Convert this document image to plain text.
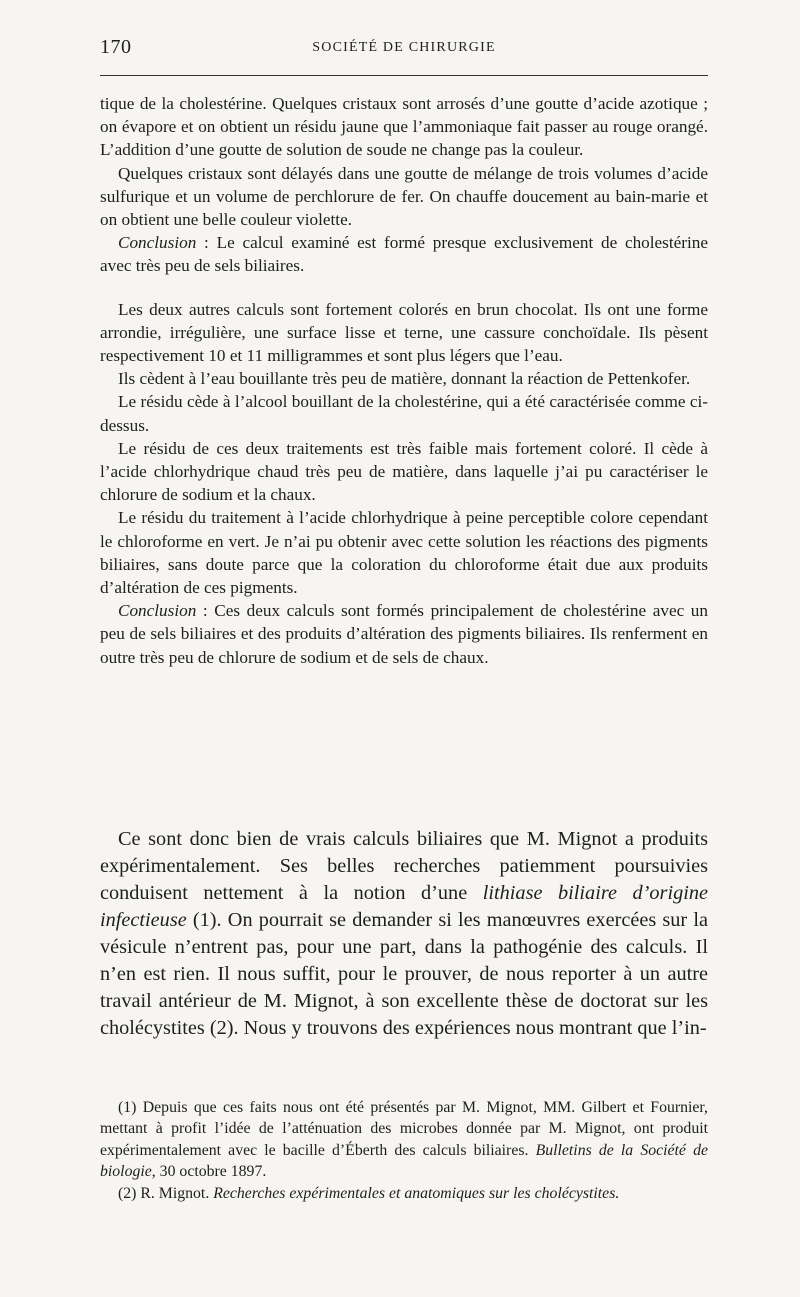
170	SOCIÉTÉ DE CHIRURGIE

tique de la cholestérine. Quelques cristaux sont arrosés d’une goutte d’acide azotique ; on évapore et on obtient un résidu jaune que l’ammoniaque fait passer au rouge orangé. L’addition d’une goutte de solution de soude ne change pas la couleur.

Quelques cristaux sont délayés dans une goutte de mélange de trois volumes d’acide sulfurique et un volume de perchlorure de fer. On chauffe doucement au bain-marie et on obtient une belle couleur violette.

Conclusion : Le calcul examiné est formé presque exclusivement de cholestérine avec très peu de sels biliaires.

Les deux autres calculs sont fortement colorés en brun chocolat. Ils ont une forme arrondie, irrégulière, une surface lisse et terne, une cassure conchoïdale. Ils pèsent respectivement 10 et 11 milligrammes et sont plus légers que l’eau.

Ils cèdent à l’eau bouillante très peu de matière, donnant la réaction de Pettenkofer.

Le résidu cède à l’alcool bouillant de la cholestérine, qui a été caractérisée comme ci-dessus.

Le résidu de ces deux traitements est très faible mais fortement coloré. Il cède à l’acide chlorhydrique chaud très peu de matière, dans laquelle j’ai pu caractériser le chlorure de sodium et la chaux.

Le résidu du traitement à l’acide chlorhydrique à peine perceptible colore cependant le chloroforme en vert. Je n’ai pu obtenir avec cette solution les réactions des pigments biliaires, sans doute parce que la coloration du chloroforme était due aux produits d’altération de ces pigments.

Conclusion : Ces deux calculs sont formés principalement de cholestérine avec un peu de sels biliaires et des produits d’altération des pigments biliaires. Ils renferment en outre très peu de chlorure de sodium et de sels de chaux.

Ce sont donc bien de vrais calculs biliaires que M. Mignot a produits expérimentalement. Ses belles recherches patiemment poursuivies conduisent nettement à la notion d’une lithiase biliaire d’origine infectieuse (1). On pourrait se demander si les manœuvres exercées sur la vésicule n’entrent pas, pour une part, dans la pathogénie des calculs. Il n’en est rien. Il nous suffit, pour le prouver, de nous reporter à un autre travail antérieur de M. Mignot, à son excellente thèse de doctorat sur les cholécystites (2). Nous y trouvons des expériences nous montrant que l’in-

(1) Depuis que ces faits nous ont été présentés par M. Mignot, MM. Gilbert et Fournier, mettant à profit l’idée de l’atténuation des microbes donnée par M. Mignot, ont produit expérimentalement avec le bacille d’Éberth des calculs biliaires. Bulletins de la Société de biologie, 30 octobre 1897.

(2) R. Mignot. Recherches expérimentales et anatomiques sur les cholécystites.
